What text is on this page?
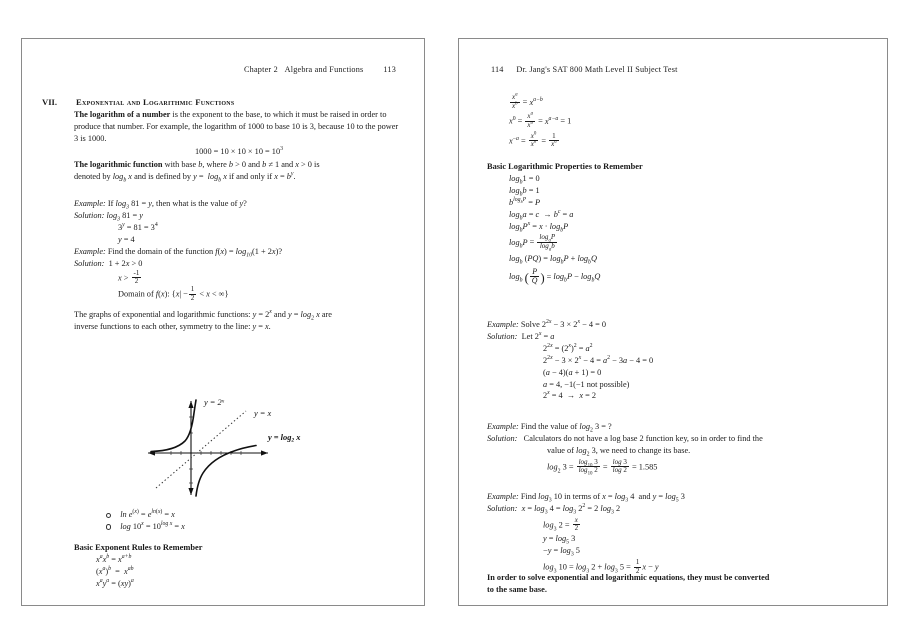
Chapter 2 Algebra and Functions 113
VII. Exponential and Logarithmic Functions
The logarithm of a number is the exponent to the base, to which it must be raised in order to produce that number. For example, the logarithm of 1000 to base 10 is 3, because 10 to the power 3 is 1000.
$1000 = 10 \times 10 \times 10 = 10^3$
The logarithmic function with base b, where b > 0 and b ≠ 1 and x > 0 is
denoted by $\log_b x$ and is defined by $y = \log_b x$ if and only if $x = b^y$.
Example: If $\log_3 81 = y$, then what is the value of y?
Solution: $\log_3 81 = y$
$3^y = 81 = 3^4$
y = 4
Example: Find the domain of the function $f(x) = \log_{10}(1 + 2x)$?
Solution:  1 + 2x > 0
$x > \frac{-1}{2}$
Domain of f(x): {$x| - \frac{1}{2} < x$ < ∞}
The graphs of exponential and logarithmic functions: $y = 2^x$ and $y = \log_2 x$ are
inverse functions to each other, symmetry to the line: y = x.
$y = 2^x$
y = x
y = log2 x
$\ln e^{(x)} = e^{ln(x)} = x$
$\log 10^x = 10^{log x} = x$
Basic Exponent Rules to Remember
$x^ax^b = x^{a+b}$
$(x^a)^b = x^{ab}$
$x^ay^a = (xy)^a$
114 Dr. Jang's SAT 800 Math Level II Subject Test
$\frac{x^a}{x^b} = x^{a-b}$
$x^0 = \frac{x^a}{x^a} = x^{a-a} = 1$
$x^{-a} = \frac{x^0}{x^a} = \frac{1}{x^a}$
Basic Logarithmic Properties to Remember
$\log_b1 = 0$
$\log_bb = 1$
$b^{log_bP} = P$
$\log_ba = c \to b^c = a$
$\log_bP^x = x \cdot \log_bP$
$\log_bP = \frac{\log_aP}{\log_ab}$
$\log_b (PQ) = \log_bP + \log_bQ$
$\log_b$ ( $\frac{P}{Q}$ ) = $\log_bP - \log_bQ$
Example: Solve $2^{2x} - 3 \times 2^x - 4 = 0$
Solution:  Let $2^x = a$
$2^{2x} = (2^x)^2 = a^2$
$2^{2x} - 3 \times 2^x - 4 = a^2 - 3a - 4 = 0$
(a − 4)(a + 1) = 0
a = 4, −1(−1 not possible)
$2^x = 4 \to x = 2$
Example: Find the value of $\log_2 3$ = ?
Solution: Calculators do not have a log base 2 function key, so in order to find the
value of $\log_2 3$, we need to change its base.
$\log_2 3 = \frac{\log_{10} 3}{\log_{10} 2} = \frac{\log 3}{\log 2} = 1.585$
Example: Find $\log_3 10$ in terms of $x = \log_3 4$  and $y = \log_5 3$
Solution: $x = \log_3 4 = \log_3 2^2 = 2$ $\log_3 2$
$\log_3 2 = \frac{x}{2}$
$y = \log_5 3$
$-y = \log_3 5$
$\log_3 10 = \log_3 2 + \log_3 5 = \frac{1}{2}$ x − y
In order to solve exponential and logarithmic equations, they must be converted
to the same base.
